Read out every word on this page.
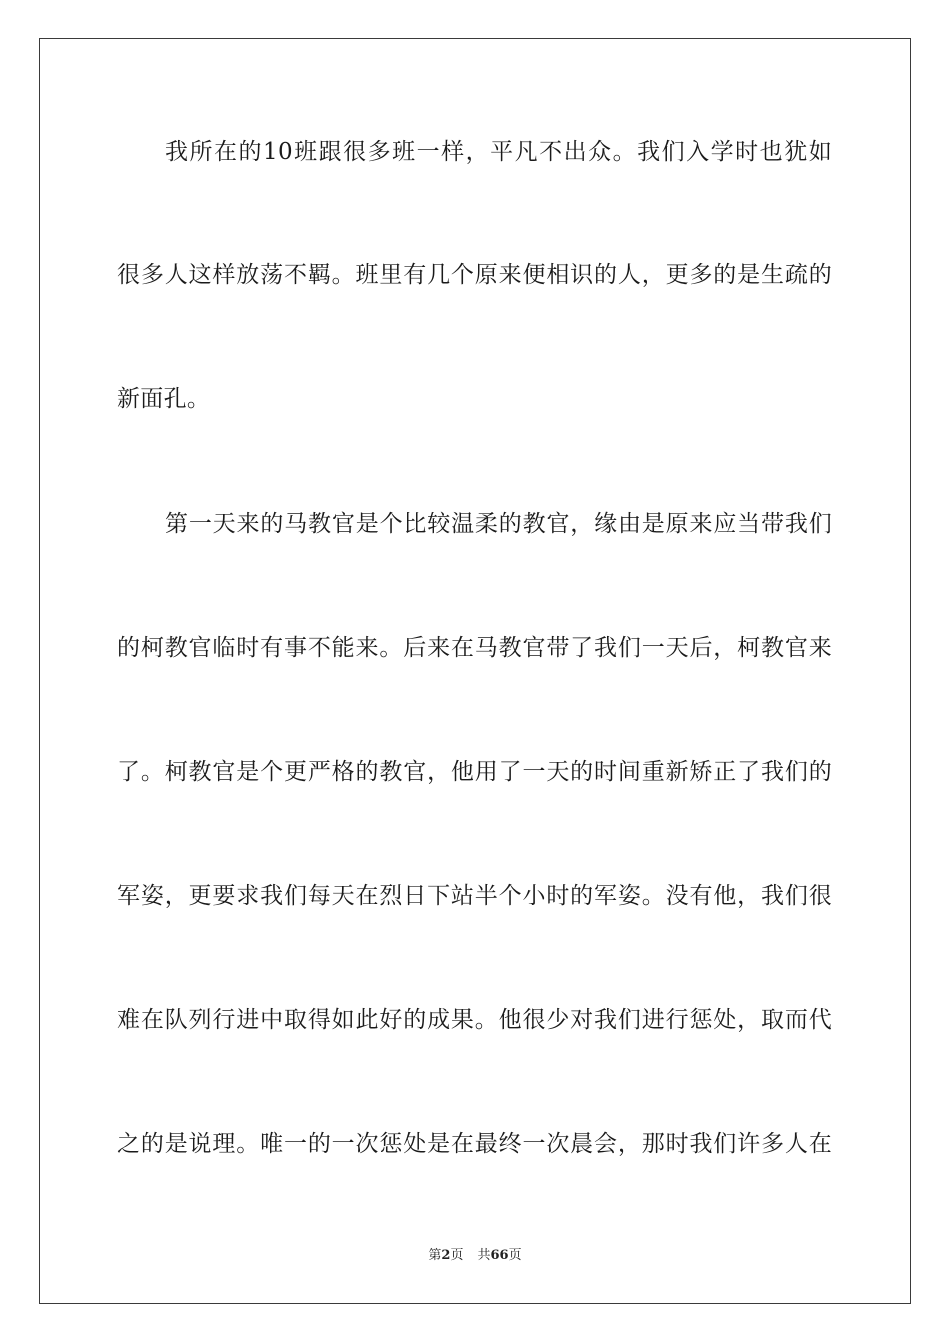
我所在的10班跟很多班一样，平凡不出众。我们入学时也犹如
很多人这样放荡不羁。班里有几个原来便相识的人，更多的是生疏的
新面孔。
第一天来的马教官是个比较温柔的教官，缘由是原来应当带我们
的柯教官临时有事不能来。后来在马教官带了我们一天后，柯教官来
了。柯教官是个更严格的教官，他用了一天的时间重新矫正了我们的
军姿，更要求我们每天在烈日下站半个小时的军姿。没有他，我们很
难在队列行进中取得如此好的成果。他很少对我们进行惩处，取而代
之的是说理。唯一的一次惩处是在最终一次晨会，那时我们许多人在
第2页 共66页
